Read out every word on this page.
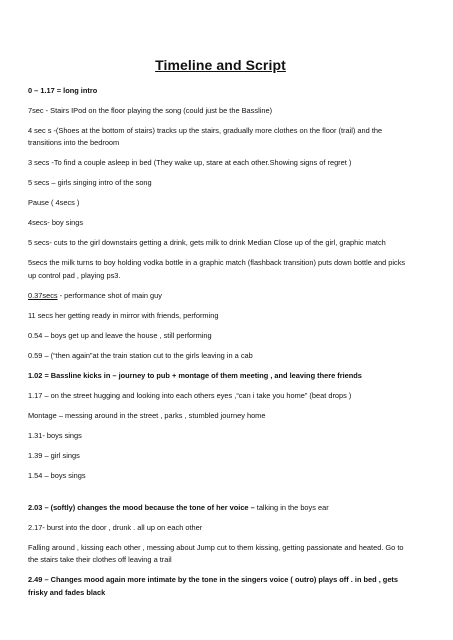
Timeline and Script
0 – 1.17 = long intro
7sec - Stairs IPod on the floor playing the song (could just be the Bassline)
4 sec s -(Shoes at the bottom of stairs) tracks up the stairs, gradually more clothes on the floor (trail) and the transitions into the bedroom
3 secs -To find a couple asleep in bed (They wake up, stare at each other.Showing signs of regret )
5 secs – girls singing intro of the song
Pause ( 4secs )
4secs- boy sings
5 secs- cuts to the girl downstairs getting a drink, gets milk to drink Median Close up of the girl, graphic match
5secs the milk turns to boy holding vodka bottle in a graphic match (flashback transition) puts down bottle and picks up control pad , playing ps3.
0.37secs - performance shot of main guy
11 secs her getting ready in mirror with friends, performing
0.54 – boys get up and leave the house , still performing
0.59 – (“then again”at the train station cut to the girls leaving in a cab
1.02 = Bassline kicks in – journey to pub + montage of them meeting , and leaving there friends
1.17 – on the street hugging and looking into each others eyes ,“can i take you home” (beat drops )
Montage – messing around in the street , parks , stumbled journey home
1.31- boys sings
1.39 – girl sings
1.54 – boys sings
2.03 – (softly) changes the mood because the tone of her voice – talking in the boys ear
2.17- burst into the door , drunk . all up on each other
Falling around , kissing each other , messing about Jump cut to them kissing, getting passionate and heated. Go to the stairs take their clothes off leaving a trail
2.49 – Changes mood again more intimate by the tone in the singers voice ( outro) plays off . in bed , gets frisky and fades black
